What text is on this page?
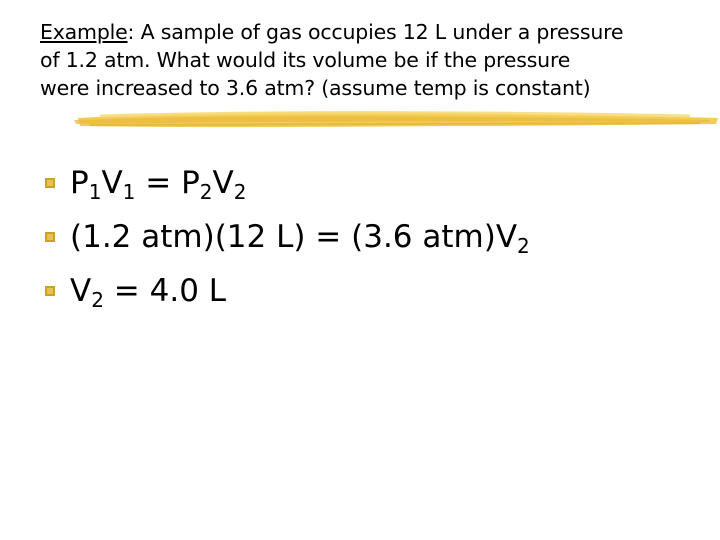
Example: A sample of gas occupies 12 L under a pressure
of 1.2 atm. What would its volume be if the pressure
were increased to 3.6 atm? (assume temp is constant)
$P_1V_1 = P_2V_2$
(1.2 atm)(12 L) = (3.6 $atm)V_2$
$V_2 = 4.0$ L
